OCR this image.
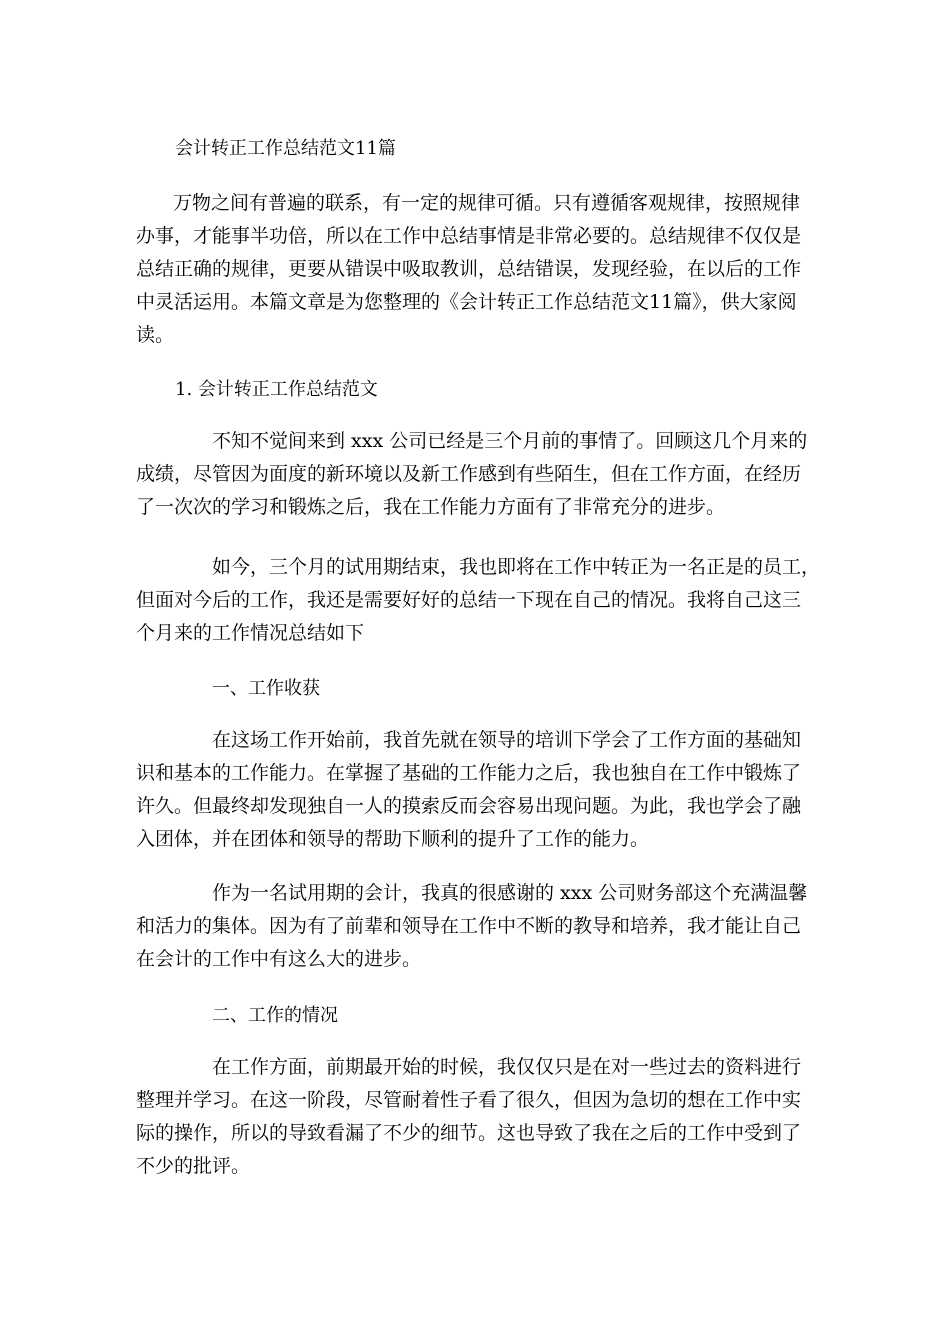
会计转正工作总结范文11篇
万物之间有普遍的联系，有一定的规律可循。只有遵循客观规律，按照规律
办事，才能事半功倍，所以在工作中总结事情是非常必要的。总结规律不仅仅是
总结正确的规律，更要从错误中吸取教训，总结错误，发现经验，在以后的工作
中灵活运用。本篇文章是为您整理的《会计转正工作总结范文11篇》，供大家阅
读。
1. 会计转正工作总结范文
不知不觉间来到 xxx 公司已经是三个月前的事情了。回顾这几个月来的
成绩，尽管因为面度的新环境以及新工作感到有些陌生，但在工作方面，在经历
了一次次的学习和锻炼之后，我在工作能力方面有了非常充分的进步。
如今，三个月的试用期结束，我也即将在工作中转正为一名正是的员工，
但面对今后的工作，我还是需要好好的总结一下现在自己的情况。我将自己这三
个月来的工作情况总结如下
一、工作收获
在这场工作开始前，我首先就在领导的培训下学会了工作方面的基础知
识和基本的工作能力。在掌握了基础的工作能力之后，我也独自在工作中锻炼了
许久。但最终却发现独自一人的摸索反而会容易出现问题。为此，我也学会了融
入团体，并在团体和领导的帮助下顺利的提升了工作的能力。
作为一名试用期的会计，我真的很感谢的 xxx 公司财务部这个充满温馨
和活力的集体。因为有了前辈和领导在工作中不断的教导和培养，我才能让自己
在会计的工作中有这么大的进步。
二、工作的情况
在工作方面，前期最开始的时候，我仅仅只是在对一些过去的资料进行
整理并学习。在这一阶段，尽管耐着性子看了很久，但因为急切的想在工作中实
际的操作，所以的导致看漏了不少的细节。这也导致了我在之后的工作中受到了
不少的批评。
